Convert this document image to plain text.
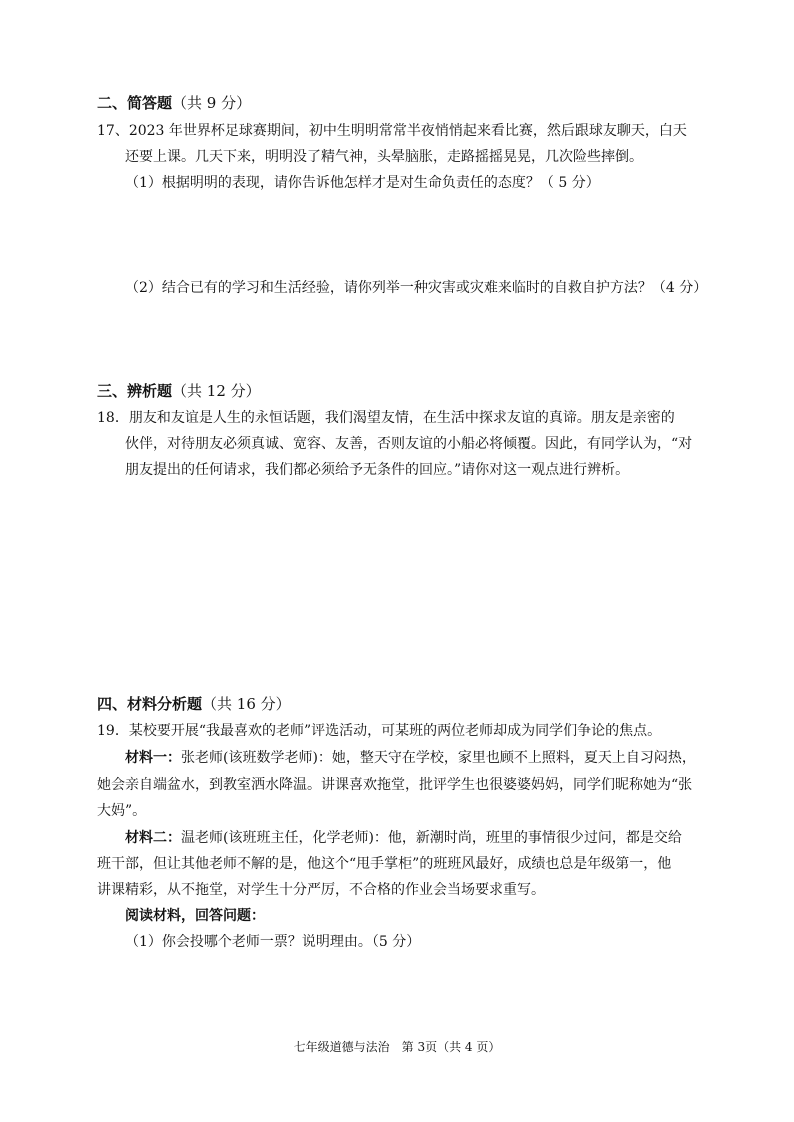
二、简答题（共 9 分）
17、2023 年世界杯足球赛期间，初中生明明常常半夜悄悄起来看比赛，然后跟球友聊天，白天
还要上课。几天下来，明明没了精气神，头晕脑胀，走路摇摇晃晃，几次险些摔倒。
（1）根据明明的表现，请你告诉他怎样才是对生命负责任的态度？（ 5 分）
（2）结合已有的学习和生活经验，请你列举一种灾害或灾难来临时的自救自护方法？（4 分）
三、辨析题（共 12 分）
18．朋友和友谊是人生的永恒话题，我们渴望友情，在生活中探求友谊的真谛。朋友是亲密的
伙伴，对待朋友必须真诚、宽容、友善，否则友谊的小船必将倾覆。因此，有同学认为，“对
朋友提出的任何请求，我们都必须给予无条件的回应。”请你对这一观点进行辨析。
四、材料分析题（共 16 分）
19．某校要开展“我最喜欢的老师”评选活动，可某班的两位老师却成为同学们争论的焦点。
材料一：张老师(该班数学老师)：她，整天守在学校，家里也顾不上照料，夏天上自习闷热，
她会亲自端盆水，到教室洒水降温。讲课喜欢拖堂，批评学生也很婆婆妈妈，同学们昵称她为“张
大妈”。
材料二：温老师(该班班主任，化学老师)：他，新潮时尚，班里的事情很少过问，都是交给
班干部，但让其他老师不解的是，他这个“甩手掌柜”的班班风最好，成绩也总是年级第一，他
讲课精彩，从不拖堂，对学生十分严厉，不合格的作业会当场要求重写。
阅读材料，回答问题：
（1）你会投哪个老师一票？说明理由。（5 分）
七年级道德与法治　第 3页（共 4 页）
